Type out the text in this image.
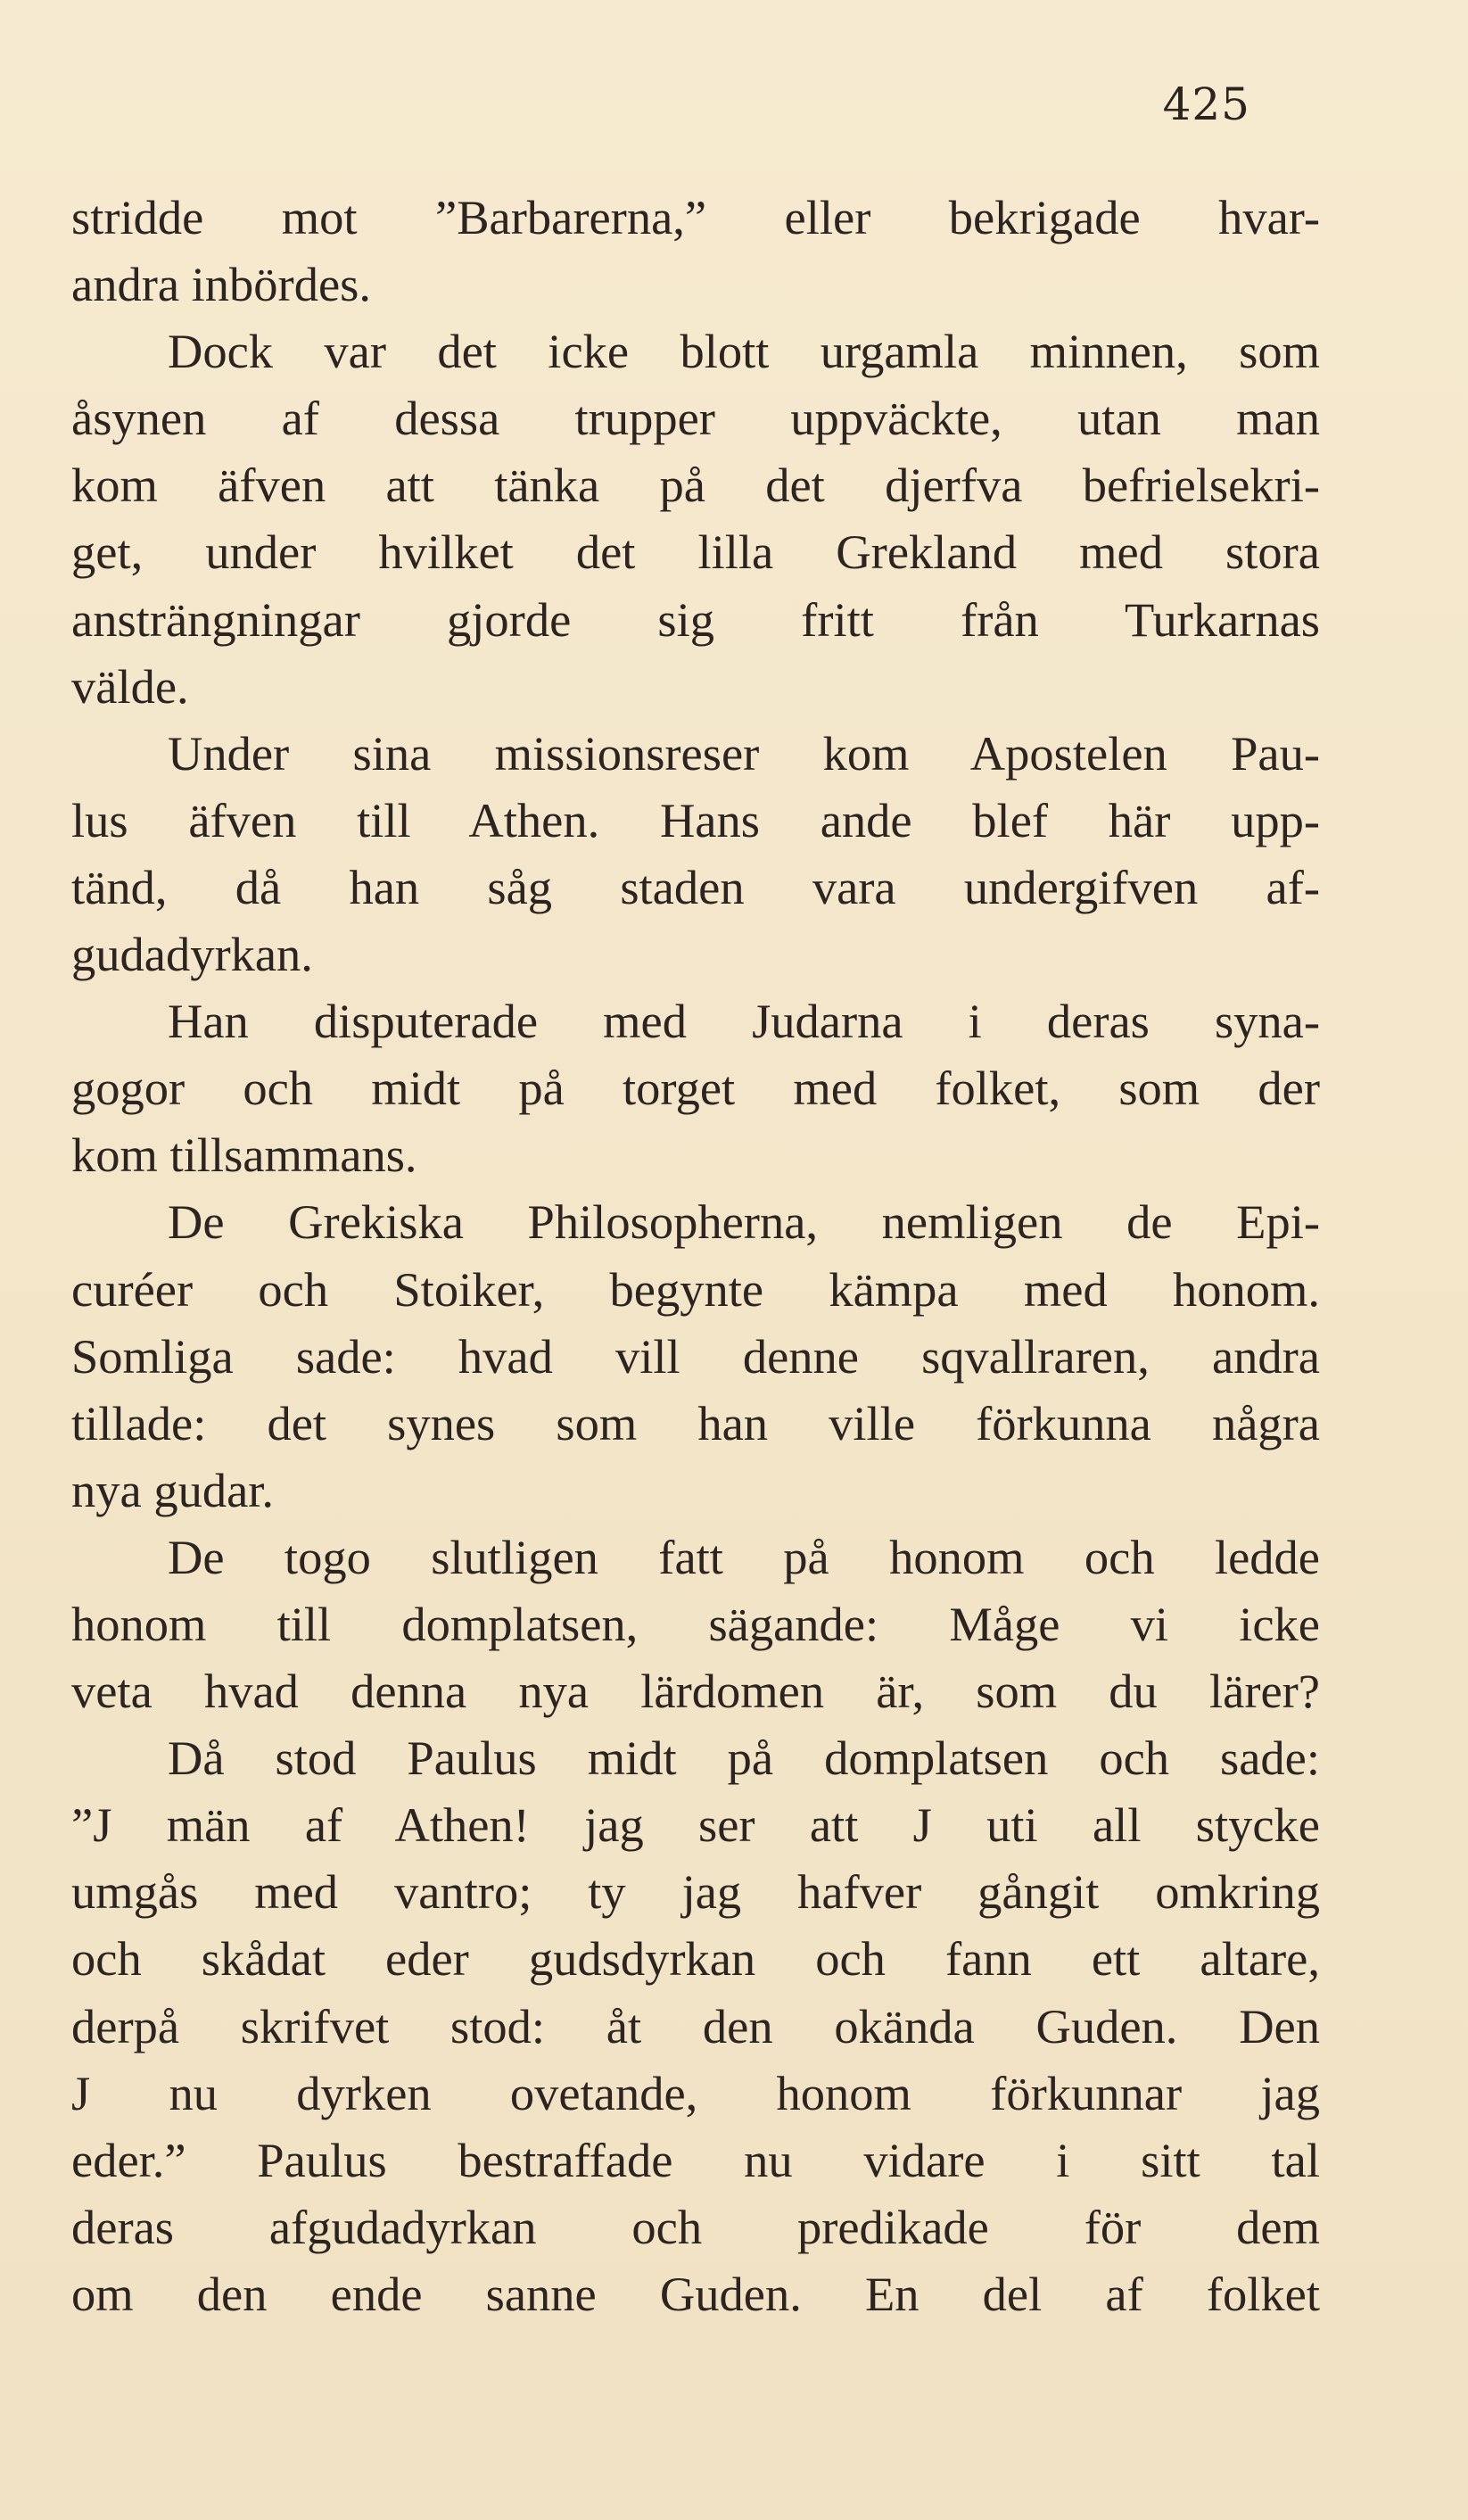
425
stridde mot ”Barbarerna,” eller bekrigade hvar-
andra inbördes.
Dock var det icke blott urgamla minnen, som
åsynen af dessa trupper uppväckte, utan man
kom äfven att tänka på det djerfva befrielsekri-
get, under hvilket det lilla Grekland med stora
ansträngningar gjorde sig fritt från Turkarnas
välde.
Under sina missionsreser kom Apostelen Pau-
lus äfven till Athen. Hans ande blef här upp-
tänd, då han såg staden vara undergifven af-
gudadyrkan.
Han disputerade med Judarna i deras syna-
gogor och midt på torget med folket, som der
kom tillsammans.
De Grekiska Philosopherna, nemligen de Epi-
curéer och Stoiker, begynte kämpa med honom.
Somliga sade: hvad vill denne sqvallraren, andra
tillade: det synes som han ville förkunna några
nya gudar.
De togo slutligen fatt på honom och ledde
honom till domplatsen, sägande: Måge vi icke
veta hvad denna nya lärdomen är, som du lärer?
Då stod Paulus midt på domplatsen och sade:
”J män af Athen! jag ser att J uti all stycke
umgås med vantro; ty jag hafver gångit omkring
och skådat eder gudsdyrkan och fann ett altare,
derpå skrifvet stod: åt den okända Guden. Den
J nu dyrken ovetande, honom förkunnar jag
eder.” Paulus bestraffade nu vidare i sitt tal
deras afgudadyrkan och predikade för dem
om den ende sanne Guden. En del af folket
